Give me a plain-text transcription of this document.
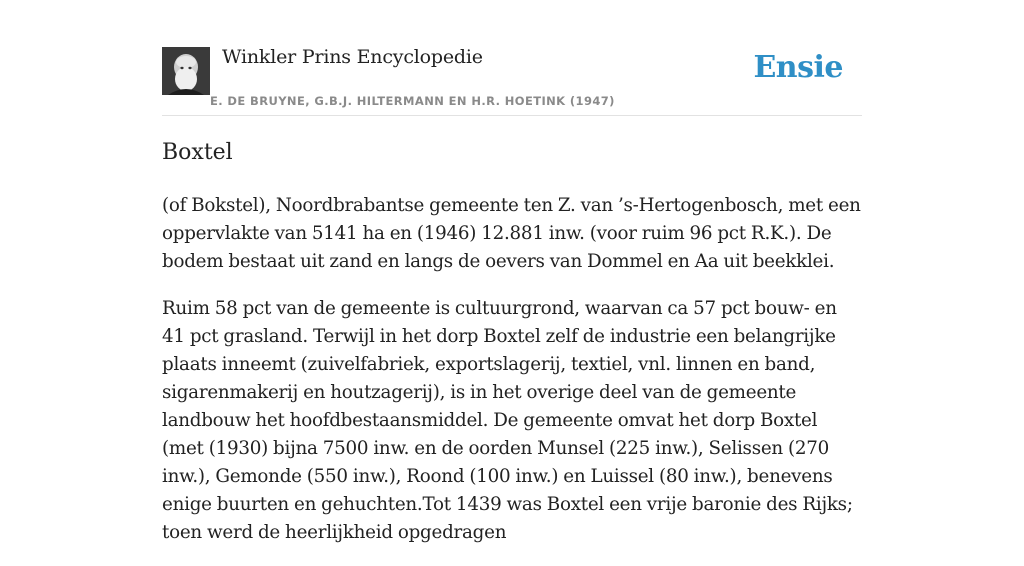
Winkler Prins Encyclopedie
E. DE BRUYNE, G.B.J. HILTERMANN EN H.R. HOETINK (1947)
Ensie
Boxtel

(of Bokstel), Noordbrabantse gemeente ten Z. van ’s-Hertogenbosch, met een oppervlakte van 5141 ha en (1946) 12.881 inw. (voor ruim 96 pct R.K.). De bodem bestaat uit zand en langs de oevers van Dommel en Aa uit beekklei.

Ruim 58 pct van de gemeente is cultuurgrond, waarvan ca 57 pct bouw- en 41 pct grasland. Terwijl in het dorp Boxtel zelf de industrie een belangrijke plaats inneemt (zuivelfabriek, exportslagerij, textiel, vnl. linnen en band, sigarenmakerij en houtzagerij), is in het overige deel van de gemeente landbouw het hoofdbestaansmiddel. De gemeente omvat het dorp Boxtel (met (1930) bijna 7500 inw. en de oorden Munsel (225 inw.), Selissen (270 inw.), Gemonde (550 inw.), Roond (100 inw.) en Luissel (80 inw.), benevens enige buurten en gehuchten.Tot 1439 was Boxtel een vrije baronie des Rijks; toen werd de heerlijkheid opgedragen
